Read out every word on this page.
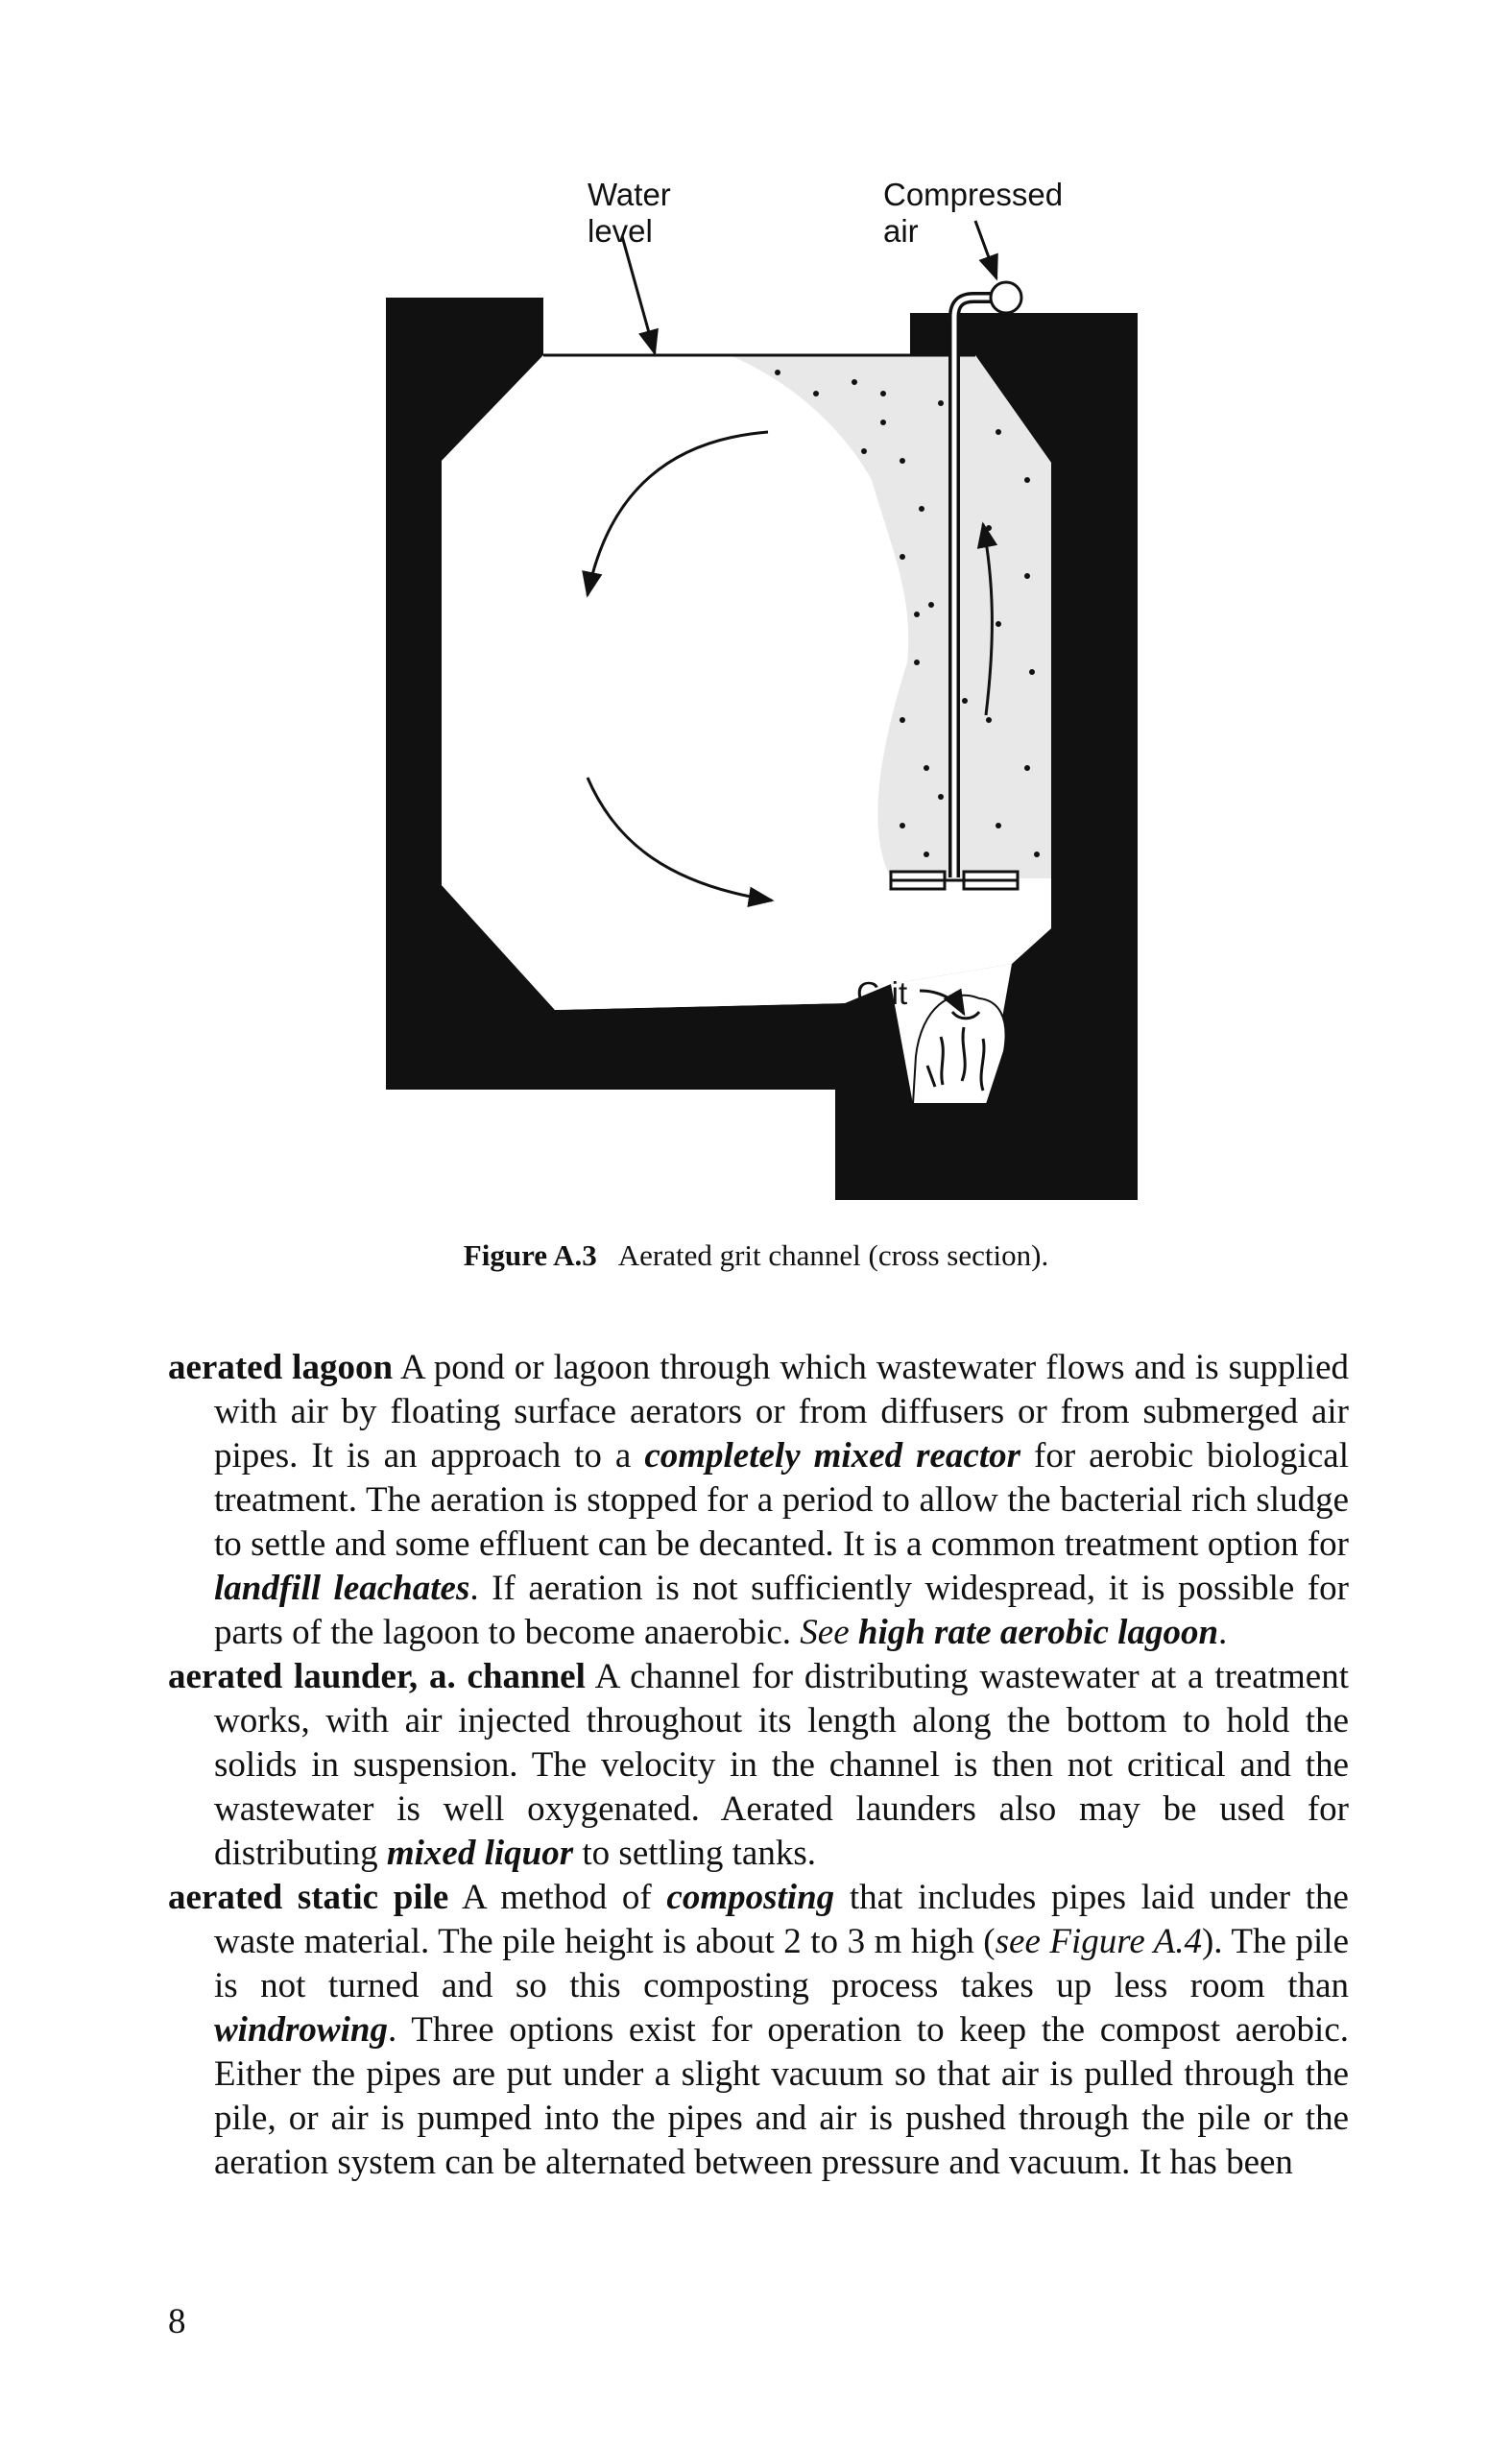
Water
level
Compressed
air
Grit
Figure A.3 Aerated grit channel (cross section).

aerated lagoon A pond or lagoon through which wastewater flows and is supplied with air by floating surface aerators or from diffusers or from submerged air pipes. It is an approach to a completely mixed reactor for aerobic biological treatment. The aeration is stopped for a period to allow the bacterial rich sludge to settle and some effluent can be decanted. It is a common treatment option for landfill leachates. If aeration is not sufficiently widespread, it is possible for parts of the lagoon to become anaerobic. See high rate aerobic lagoon.

aerated launder, a. channel A channel for distributing wastewater at a treatment works, with air injected throughout its length along the bottom to hold the solids in suspension. The velocity in the channel is then not critical and the wastewater is well oxygenated. Aerated launders also may be used for distributing mixed liquor to settling tanks.

aerated static pile A method of composting that includes pipes laid under the waste material. The pile height is about 2 to 3 m high (see Figure A.4). The pile is not turned and so this composting process takes up less room than windrowing. Three options exist for operation to keep the compost aerobic. Either the pipes are put under a slight vacuum so that air is pulled through the pile, or air is pumped into the pipes and air is pushed through the pile or the aeration system can be alternated between pressure and vacuum. It has been

8
